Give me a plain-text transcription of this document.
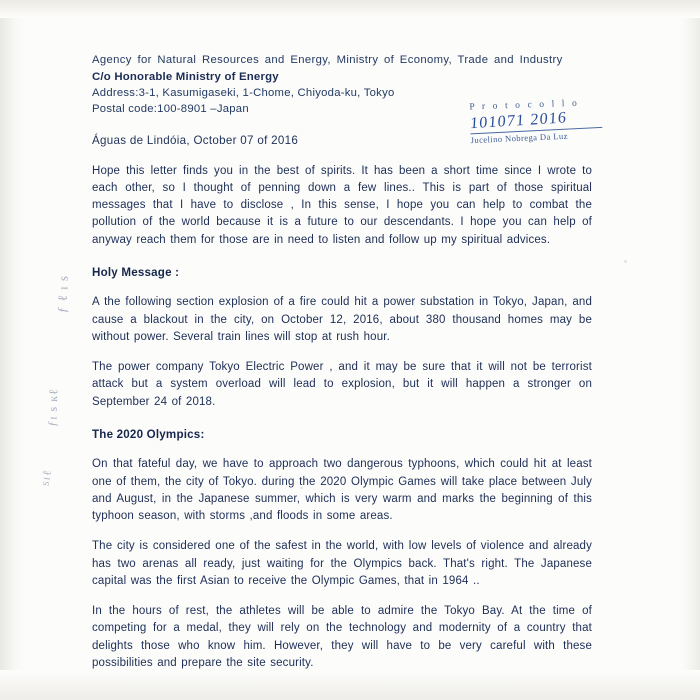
Agency for Natural Resources and Energy, Ministry of Economy, Trade and Industry
C/o Honorable Ministry of Energy
Address:3-1, Kasumigaseki, 1-Chome, Chiyoda-ku, Tokyo
Postal code:100-8901 –Japan
Águas de Lindóia, October 07 of 2016

Hope this letter finds you in the best of spirits. It has been a short time since I wrote to each other, so I thought of penning down a few lines.. This is part of those spiritual messages that I have to disclose , In this sense, I hope you can help to combat the pollution of the world because it is a future to our descendants. I hope you can help of anyway reach them for those are in need to listen and follow up my spiritual advices.

Holy Message :

A the following section explosion of a fire could hit a power substation in Tokyo, Japan, and cause a blackout in the city, on October 12, 2016, about 380 thousand homes may be without power. Several train lines will stop at rush hour.

The power company Tokyo Electric Power , and it may be sure that it will not be terrorist attack but a system overload will lead to explosion, but it will happen a stronger on September 24 of 2018.

The 2020 Olympics:

On that fateful day, we have to approach two dangerous typhoons, which could hit at least one of them, the city of Tokyo. during the 2020 Olympic Games will take place between July and August, in the Japanese summer, which is very warm and marks the beginning of this typhoon season, with storms ,and floods in some areas.

The city is considered one of the safest in the world, with low levels of violence and already has two arenas all ready, just waiting for the Olympics back. That's right. The Japanese capital was the first Asian to receive the Olympic Games, that in 1964 ..

In the hours of rest, the athletes will be able to admire the Tokyo Bay. At the time of competing for a medal, they will rely on the technology and modernity of a country that delights those who know him. However, they will have to be very careful with these possibilities and prepare the site security.

P r o t o c o l l o
101071 2016
Jucelino Nobrega Da Luz
ƒ ℓ ı ѕ
ƒı ѕ кℓ
ѕıℓ
